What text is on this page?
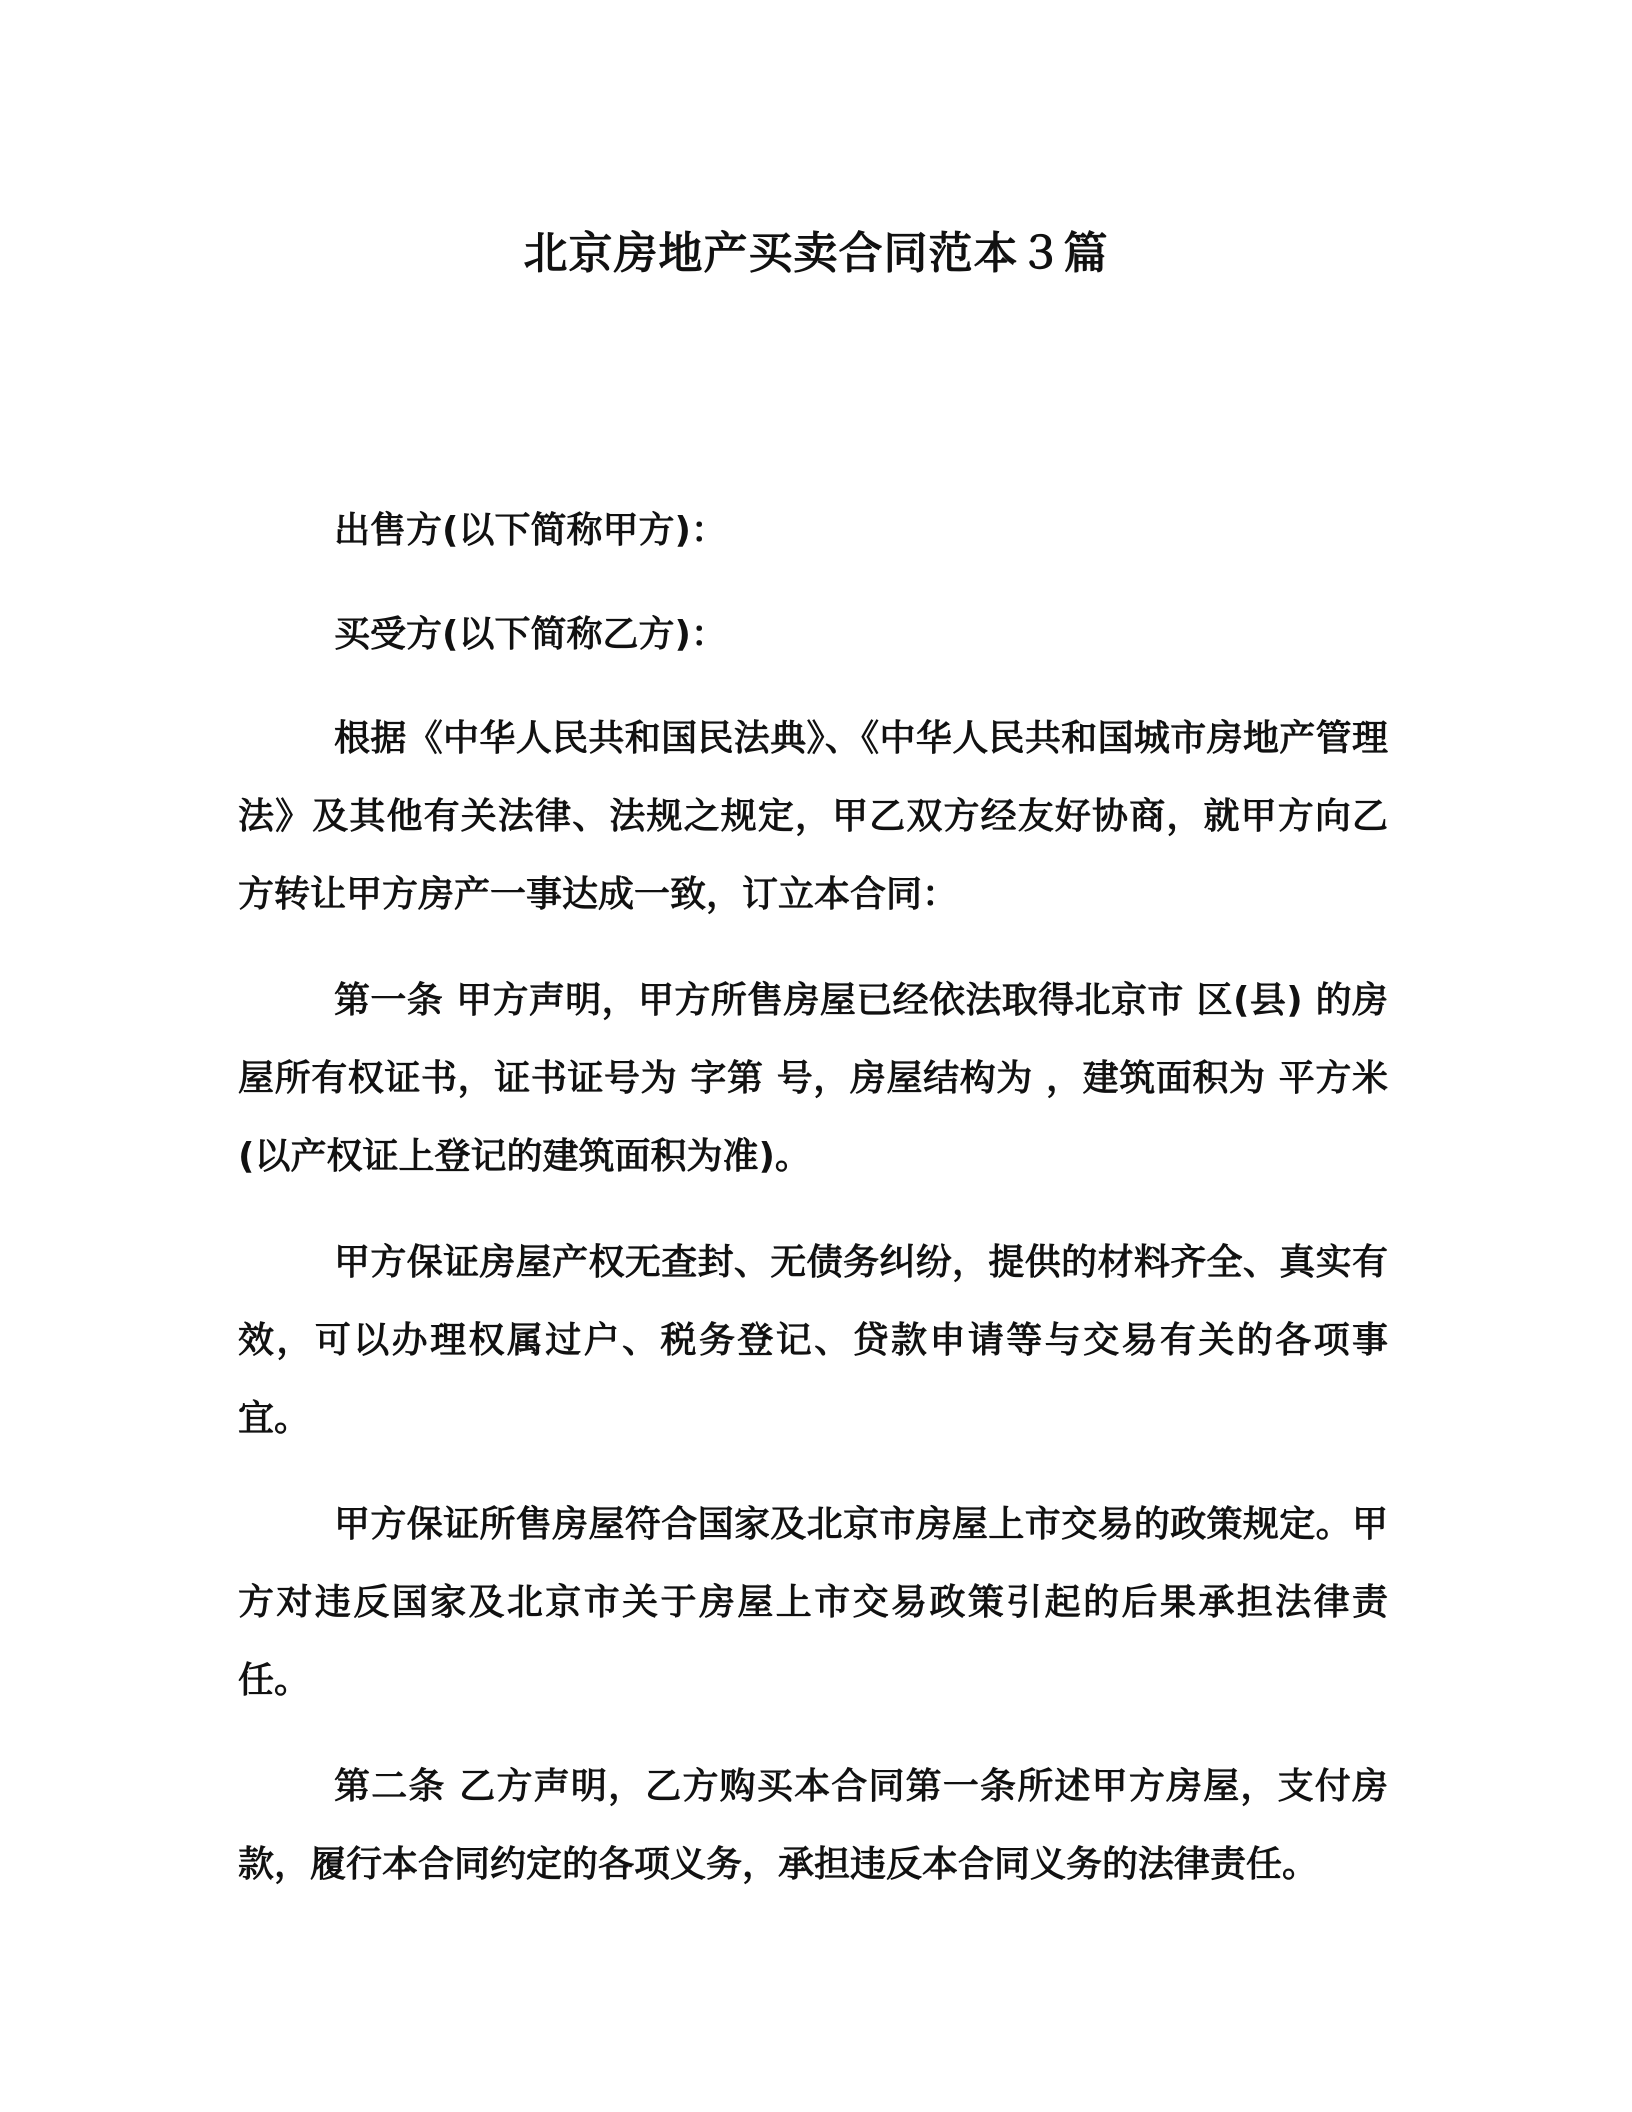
北京房地产买卖合同范本３篇

出售方(以下简称甲方)：

买受方(以下简称乙方)：

根据《中华人民共和国民法典》、《中华人民共和国城市房地产管理法》及其他有关法律、法规之规定，甲乙双方经友好协商，就甲方向乙方转让甲方房产一事达成一致，订立本合同：

第一条 甲方声明，甲方所售房屋已经依法取得北京市 区(县) 的房屋所有权证书，证书证号为 字第 号，房屋结构为 ，建筑面积为 平方米(以产权证上登记的建筑面积为准)。

甲方保证房屋产权无查封、无债务纠纷，提供的材料齐全、真实有效，可以办理权属过户、税务登记、贷款申请等与交易有关的各项事宜。

甲方保证所售房屋符合国家及北京市房屋上市交易的政策规定。甲方对违反国家及北京市关于房屋上市交易政策引起的后果承担法律责任。

第二条 乙方声明，乙方购买本合同第一条所述甲方房屋，支付房款，履行本合同约定的各项义务，承担违反本合同义务的法律责任。
